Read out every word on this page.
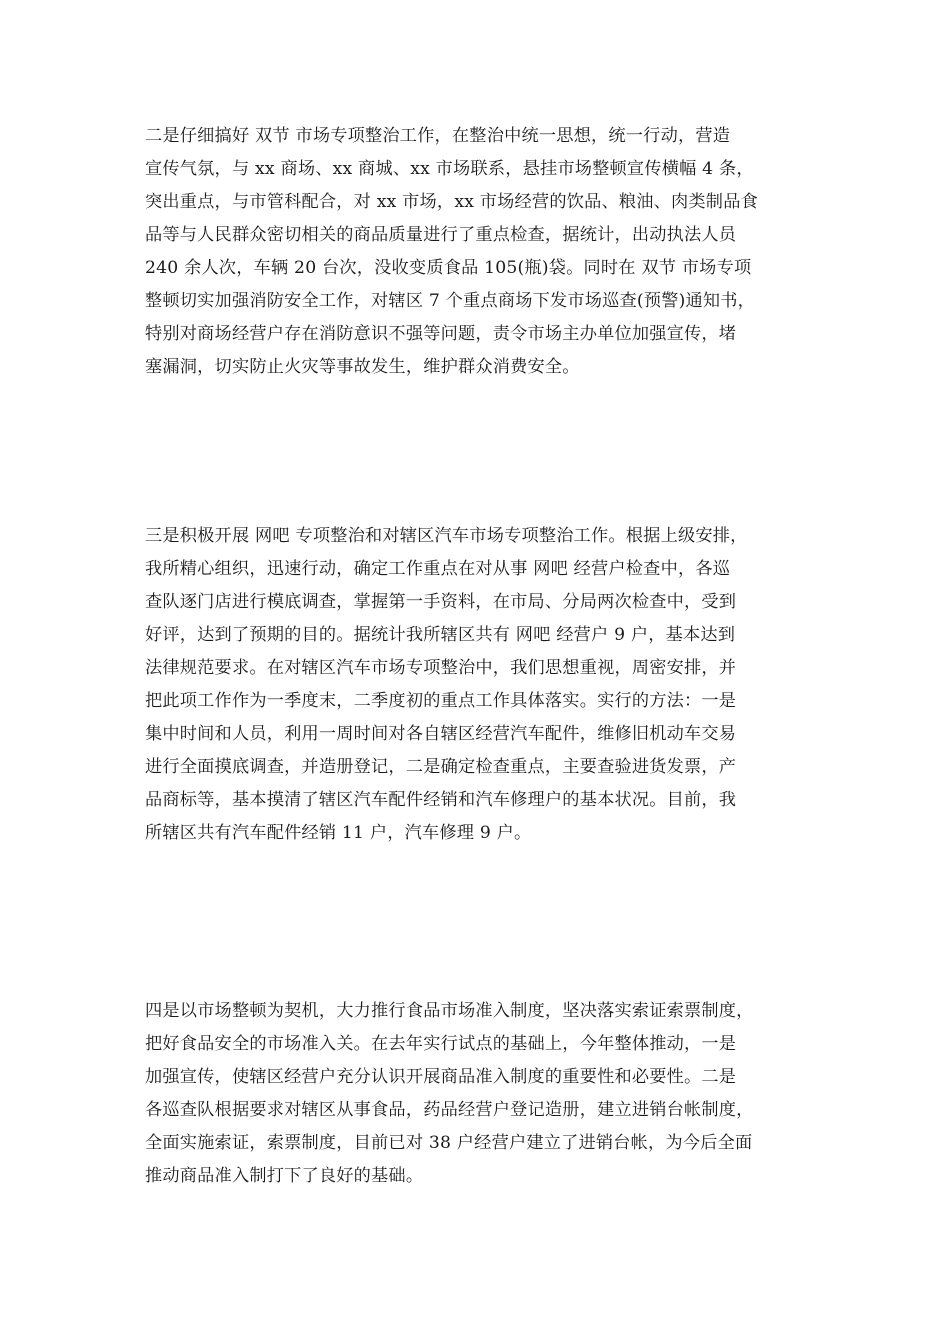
二是仔细搞好 双节 市场专项整治工作，在整治中统一思想，统一行动，营造
宣传气氛，与 xx 商场、xx 商城、xx 市场联系，悬挂市场整顿宣传横幅 4 条，
突出重点，与市管科配合，对 xx 市场，xx 市场经营的饮品、粮油、肉类制品食
品等与人民群众密切相关的商品质量进行了重点检查，据统计，出动执法人员
240 余人次，车辆 20 台次，没收变质食品 105(瓶)袋。同时在 双节 市场专项
整顿切实加强消防安全工作，对辖区 7 个重点商场下发市场巡查(预警)通知书，
特别对商场经营户存在消防意识不强等问题，责令市场主办单位加强宣传，堵
塞漏洞，切实防止火灾等事故发生，维护群众消费安全。
三是积极开展 网吧 专项整治和对辖区汽车市场专项整治工作。根据上级安排，
我所精心组织，迅速行动，确定工作重点在对从事 网吧 经营户检查中，各巡
查队逐门店进行模底调查，掌握第一手资料，在市局、分局两次检查中，受到
好评，达到了预期的目的。据统计我所辖区共有 网吧 经营户 9 户，基本达到
法律规范要求。在对辖区汽车市场专项整治中，我们思想重视，周密安排，并
把此项工作作为一季度末，二季度初的重点工作具体落实。实行的方法：一是
集中时间和人员，利用一周时间对各自辖区经营汽车配件，维修旧机动车交易
进行全面摸底调查，并造册登记，二是确定检查重点，主要查验进货发票，产
品商标等，基本摸清了辖区汽车配件经销和汽车修理户的基本状况。目前，我
所辖区共有汽车配件经销 11 户，汽车修理 9 户。
四是以市场整顿为契机，大力推行食品市场准入制度，坚决落实索证索票制度，
把好食品安全的市场准入关。在去年实行试点的基础上，今年整体推动，一是
加强宣传，使辖区经营户充分认识开展商品准入制度的重要性和必要性。二是
各巡查队根据要求对辖区从事食品，药品经营户登记造册，建立进销台帐制度，
全面实施索证，索票制度，目前已对 38 户经营户建立了进销台帐，为今后全面
推动商品准入制打下了良好的基础。
